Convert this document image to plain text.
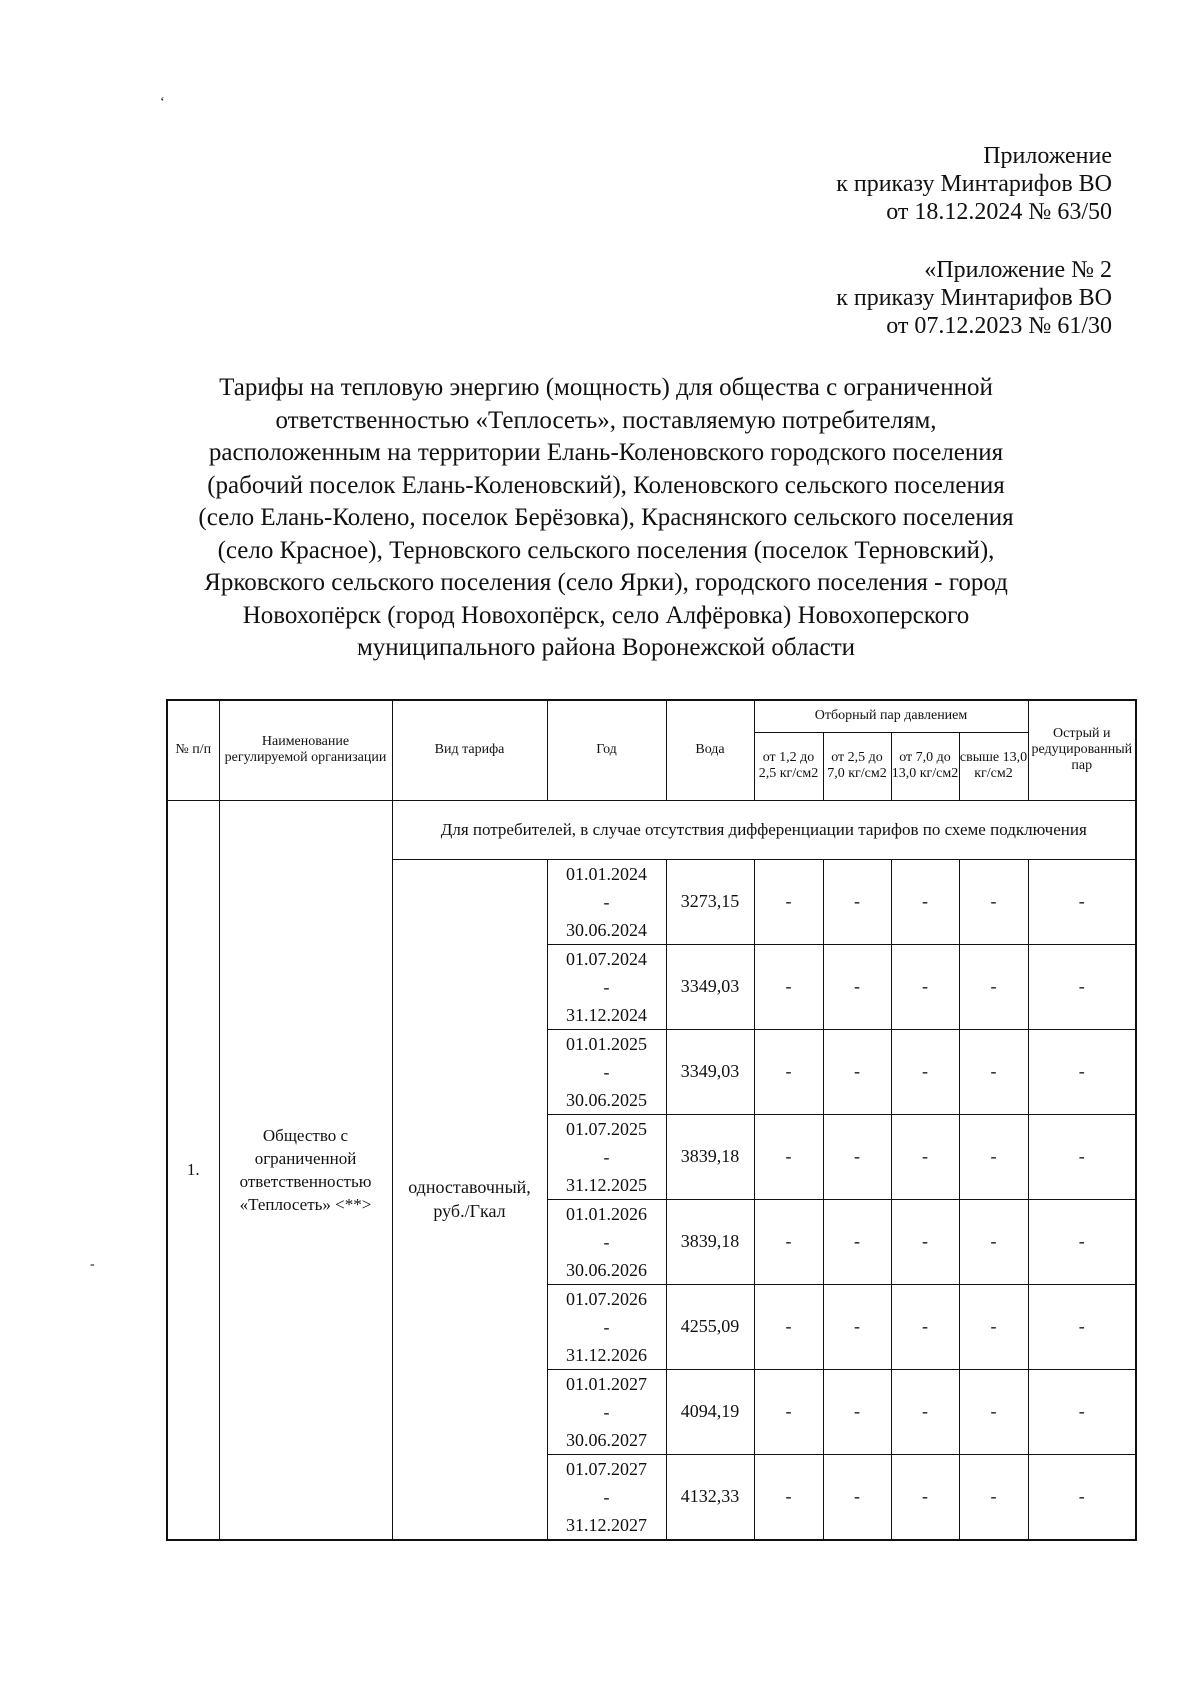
‘
-
Приложение
к приказу Минтарифов ВО
от 18.12.2024 № 63/50
«Приложение № 2
к приказу Минтарифов ВО
от 07.12.2023 № 61/30
Тарифы на тепловую энергию (мощность) для общества с ограниченной
ответственностью «Теплосеть», поставляемую потребителям,
расположенным на территории Елань-Коленовского городского поселения
(рабочий поселок Елань-Коленовский), Коленовского сельского поселения
(село Елань-Колено, поселок Берёзовка), Краснянского сельского поселения
(село Красное), Терновского сельского поселения (поселок Терновский),
Ярковского сельского поселения (село Ярки), городского поселения - город
Новохопёрск (город Новохопёрск, село Алфёровка) Новохоперского
муниципального района Воронежской области
№ п/п	Наименование регулируемой организации	Вид тарифа	Год	Вода	Отборный пар давлением				Острый и редуцированный пар
					от 1,2 до 2,5 кг/см2	от 2,5 до 7,0 кг/см2	от 7,0 до 13,0 кг/см2	свыше 13,0 кг/см2	
1.	Общество с ограниченной ответственностью «Теплосеть» <**>	Для потребителей, в случае отсутствия дифференциации тарифов по схеме подключения							
		одноставочный, руб./Гкал	01.01.2024
-
30.06.2024	3273,15	-	-	-	-	-

			01.07.2024
-
31.12.2024	3349,03	-	-	-	-	-

			01.01.2025
-
30.06.2025	3349,03	-	-	-	-	-

			01.07.2025
-
31.12.2025	3839,18	-	-	-	-	-

			01.01.2026
-
30.06.2026	3839,18	-	-	-	-	-

			01.07.2026
-
31.12.2026	4255,09	-	-	-	-	-

			01.01.2027
-
30.06.2027	4094,19	-	-	-	-	-

			01.07.2027
-
31.12.2027	4132,33	-	-	-	-	-
